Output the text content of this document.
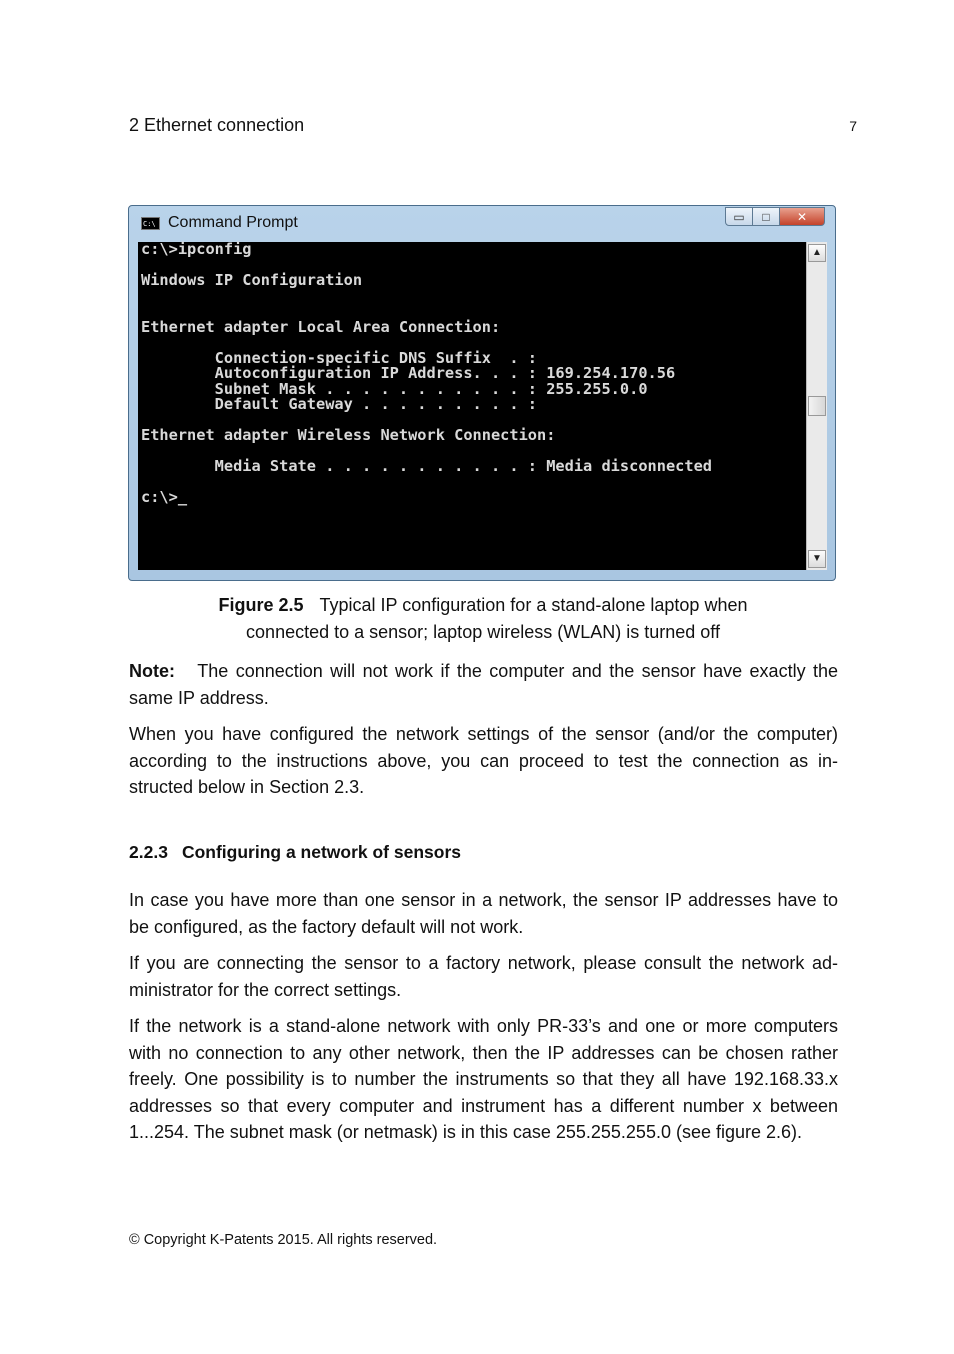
2 Ethernet connection	7
C:\ Command Prompt	▭	□	✕
c:\>ipconfig

Windows IP Configuration

Ethernet adapter Local Area Connection:

Connection-specific DNS Suffix  . :
Autoconfiguration IP Address. . . : 169.254.170.56
Subnet Mask . . . . . . . . . . . : 255.255.0.0
Default Gateway . . . . . . . . . :

Ethernet adapter Wireless Network Connection:

Media State . . . . . . . . . . . : Media disconnected

c:\>_
▲
▼
Figure 2.5 Typical IP configuration for a stand-alone laptop when
connected to a sensor; laptop wireless (WLAN) is turned off
Note: The connection will not work if the computer and the sensor have exactly the same IP address.
When you have configured the network settings of the sensor (and/or the computer) according to the instructions above, you can proceed to test the connection as in-structed below in Section 2.3.
2.2.3 Configuring a network of sensors
In case you have more than one sensor in a network, the sensor IP addresses have to be configured, as the factory default will not work.
If you are connecting the sensor to a factory network, please consult the network ad-ministrator for the correct settings.
If the network is a stand-alone network with only PR-33’s and one or more computers with no connection to any other network, then the IP addresses can be chosen rather freely. One possibility is to number the instruments so that they all have 192.168.33.x addresses so that every computer and instrument has a different number x between 1...254. The subnet mask (or netmask) is in this case 255.255.255.0 (see figure 2.6).
© Copyright K-Patents 2015. All rights reserved.
